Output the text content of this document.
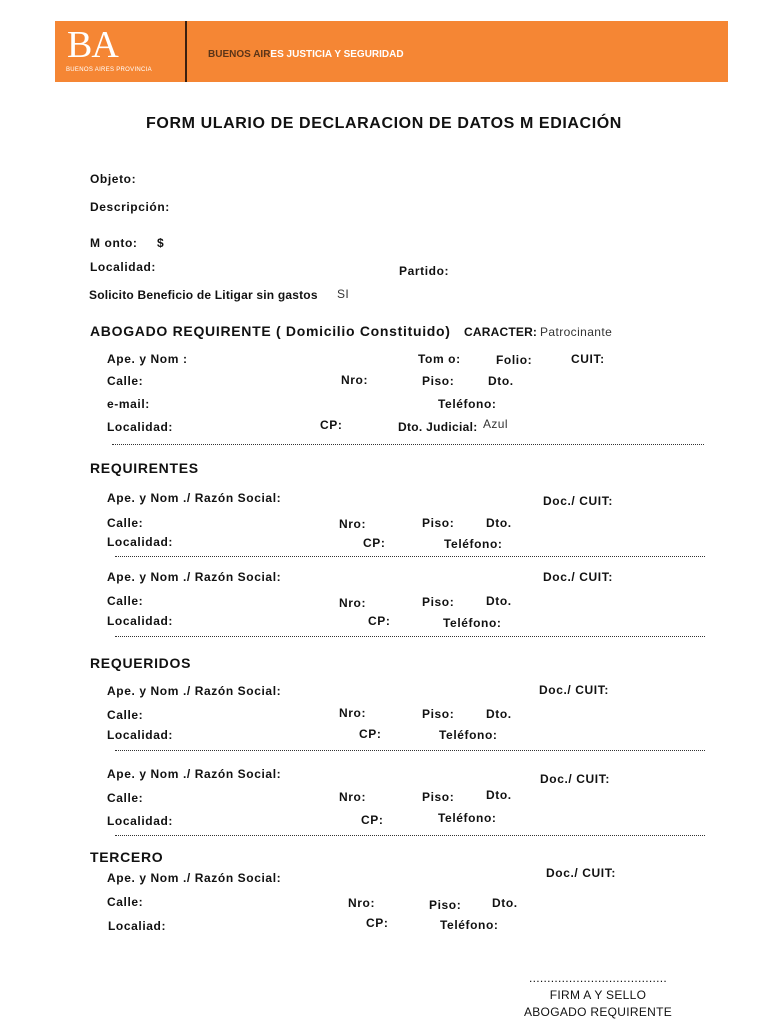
BA
BUENOS AIRES PROVINCIA
BUENOS AIRES JUSTICIA Y SEGURIDAD
FORM ULARIO DE DECLARACION DE DATOS M EDIACIÓN
Objeto:
Descripción:
M onto: $
Localidad:	Partido:
Solicito Beneficio de Litigar sin gastos SI
ABOGADO REQUIRENTE ( Domicilio Constituido) CARACTER: Patrocinante
Ape. y Nom :	Tom o:	Folio:	CUIT:
Calle:	Nro:	Piso:	Dto.
e-mail:	Teléfono:
Localidad:	CP:	Dto. Judicial: Azul
REQUIRENTES
Ape. y Nom ./ Razón Social:	Doc./ CUIT:
Calle:	Nro:	Piso:	Dto.
Localidad:	CP:	Teléfono:
Ape. y Nom ./ Razón Social:	Doc./ CUIT:
Calle:	Nro:	Piso:	Dto.
Localidad:	CP:	Teléfono:
REQUERIDOS
Ape. y Nom ./ Razón Social:	Doc./ CUIT:
Calle:	Nro:	Piso:	Dto.
Localidad:	CP:	Teléfono:
Ape. y Nom ./ Razón Social:	Doc./ CUIT:
Calle:	Nro:	Piso:	Dto.
Localidad:	CP:	Teléfono:
TERCERO
Ape. y Nom ./ Razón Social:	Doc./ CUIT:
Calle:	Nro:	Piso:	Dto.
Localiad:	CP:	Teléfono:
......................................
FIRM A Y SELLO
ABOGADO REQUIRENTE
